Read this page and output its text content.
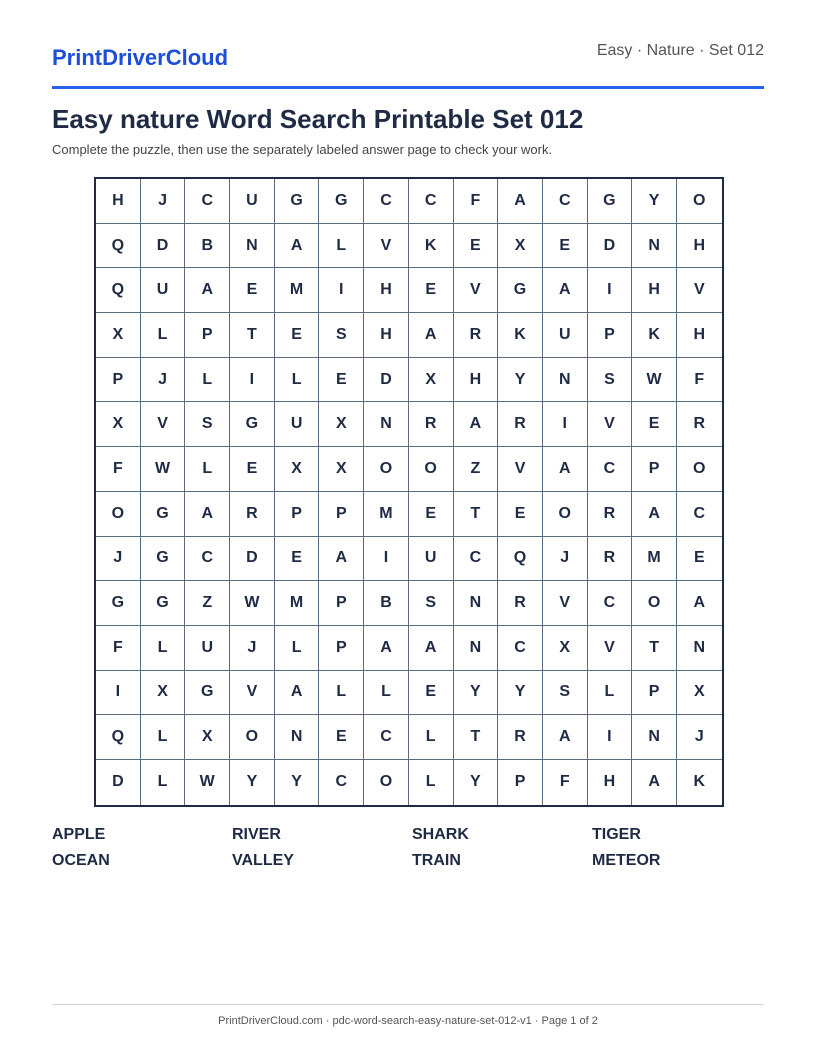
PrintDriverCloud	Easy · Nature · Set 012
Easy nature Word Search Printable Set 012
Complete the puzzle, then use the separately labeled answer page to check your work.
H	J	C	U	G	G	C	C	F	A	C	G	Y	O
Q	D	B	N	A	L	V	K	E	X	E	D	N	H
Q	U	A	E	M	I	H	E	V	G	A	I	H	V
X	L	P	T	E	S	H	A	R	K	U	P	K	H
P	J	L	I	L	E	D	X	H	Y	N	S	W	F
X	V	S	G	U	X	N	R	A	R	I	V	E	R
F	W	L	E	X	X	O	O	Z	V	A	C	P	O
O	G	A	R	P	P	M	E	T	E	O	R	A	C
J	G	C	D	E	A	I	U	C	Q	J	R	M	E
G	G	Z	W	M	P	B	S	N	R	V	C	O	A
F	L	U	J	L	P	A	A	N	C	X	V	T	N
I	X	G	V	A	L	L	E	Y	Y	S	L	P	X
Q	L	X	O	N	E	C	L	T	R	A	I	N	J
D	L	W	Y	Y	C	O	L	Y	P	F	H	A	K
APPLE	RIVER	SHARK	TIGER
OCEAN	VALLEY	TRAIN	METEOR
PrintDriverCloud.com · pdc-word-search-easy-nature-set-012-v1 · Page 1 of 2
